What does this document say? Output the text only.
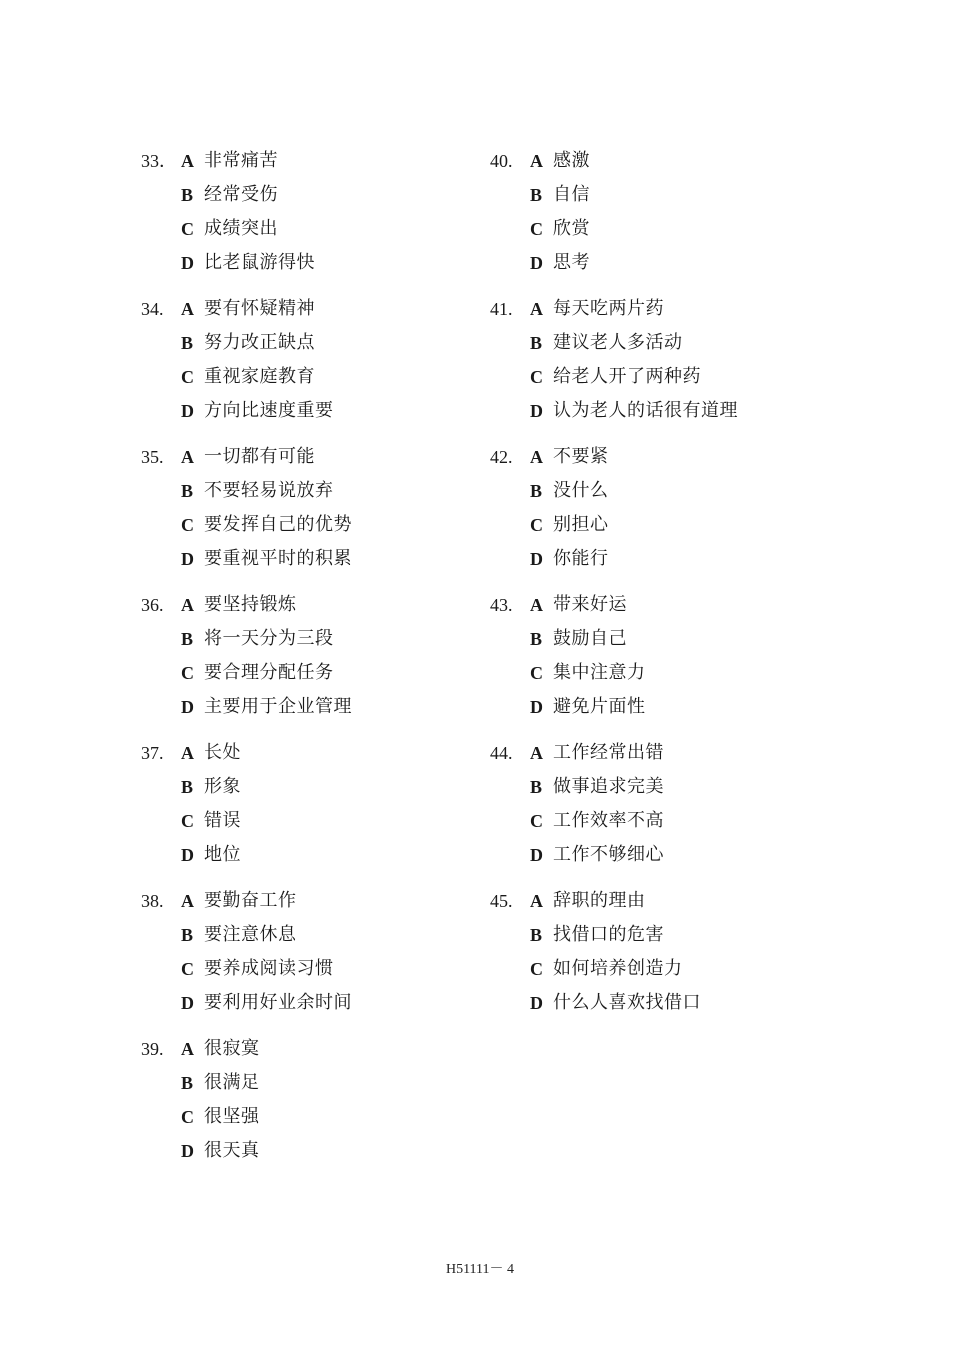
33． A 非常痛苦
B 经常受伤
C 成绩突出
D 比老鼠游得快
34. A 要有怀疑精神
B 努力改正缺点
C 重视家庭教育
D 方向比速度重要
35. A 一切都有可能
B 不要轻易说放弃
C 要发挥自己的优势
D 要重视平时的积累
36. A 要坚持锻炼
B 将一天分为三段
C 要合理分配任务
D 主要用于企业管理
37. A 长处
B 形象
C 错误
D 地位
38. A 要勤奋工作
B 要注意休息
C 要养成阅读习惯
D 要利用好业余时间
39. A 很寂寞
B 很满足
C 很坚强
D 很天真
40. A 感激
B 自信
C 欣赏
D 思考
41. A 每天吃两片药
B 建议老人多活动
C 给老人开了两种药
D 认为老人的话很有道理
42. A 不要紧
B 没什么
C 别担心
D 你能行
43. A 带来好运
B 鼓励自己
C 集中注意力
D 避免片面性
44. A 工作经常出错
B 做事追求完美
C 工作效率不高
D 工作不够细心
45. A 辞职的理由
B 找借口的危害
C 如何培养创造力
D 什么人喜欢找借口
H51111－ 4
